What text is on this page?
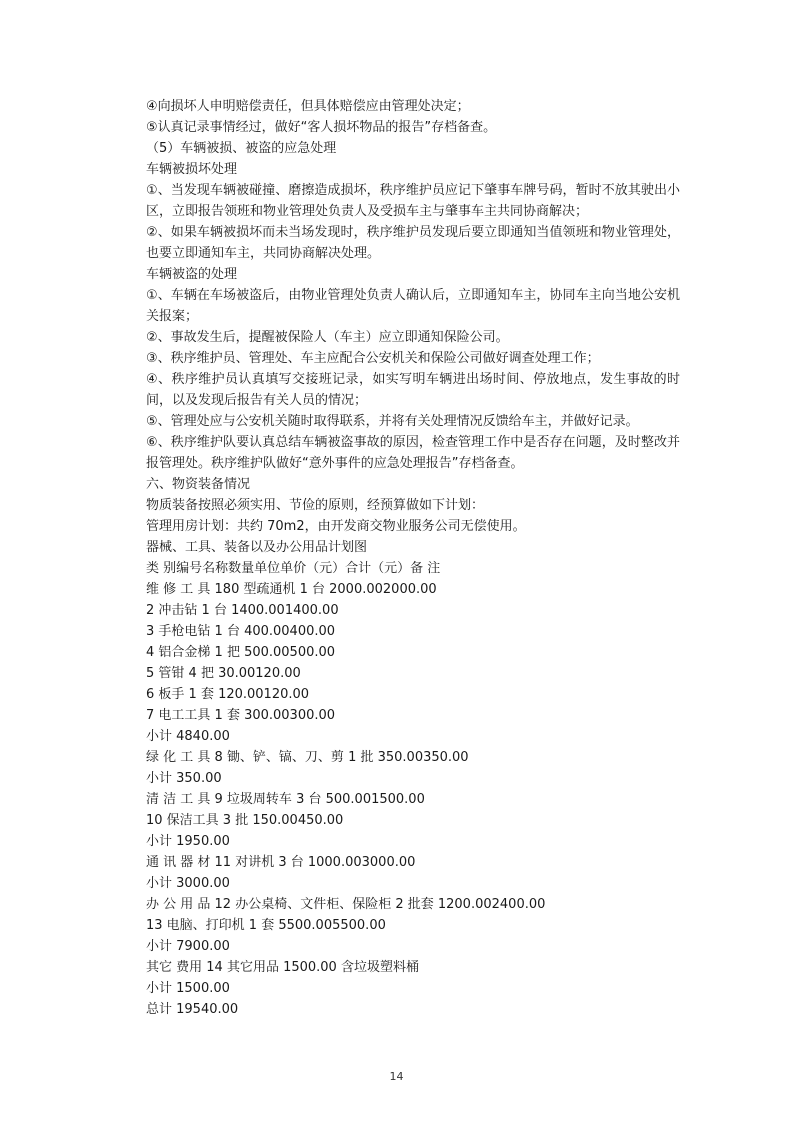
④向损坏人申明赔偿责任，但具体赔偿应由管理处决定；
⑤认真记录事情经过，做好“客人损坏物品的报告”存档备查。
（5）车辆被损、被盗的应急处理
车辆被损坏处理
①、当发现车辆被碰撞、磨擦造成损坏，秩序维护员应记下肇事车牌号码，暂时不放其驶出小区，立即报告领班和物业管理处负责人及受损车主与肇事车主共同协商解决；
②、如果车辆被损坏而未当场发现时，秩序维护员发现后要立即通知当值领班和物业管理处，也要立即通知车主，共同协商解决处理。
车辆被盗的处理
①、车辆在车场被盗后，由物业管理处负责人确认后，立即通知车主，协同车主向当地公安机关报案；
②、事故发生后，提醒被保险人（车主）应立即通知保险公司。
③、秩序维护员、管理处、车主应配合公安机关和保险公司做好调查处理工作；
④、秩序维护员认真填写交接班记录，如实写明车辆进出场时间、停放地点，发生事故的时间，以及发现后报告有关人员的情况；
⑤、管理处应与公安机关随时取得联系，并将有关处理情况反馈给车主，并做好记录。
⑥、秩序维护队要认真总结车辆被盗事故的原因，检查管理工作中是否存在问题，及时整改并报管理处。秩序维护队做好“意外事件的应急处理报告”存档备查。
六、物资装备情况
物质装备按照必须实用、节俭的原则，经预算做如下计划：
管理用房计划：共约 70m2，由开发商交物业服务公司无偿使用。
器械、工具、装备以及办公用品计划图
类 别编号名称数量单位单价（元）合计（元）备 注
维 修 工 具 180 型疏通机 1 台 2000.002000.00
2 冲击钻 1 台 1400.001400.00
3 手枪电钻 1 台 400.00400.00
4 铝合金梯 1 把 500.00500.00
5 管钳 4 把 30.00120.00
6 板手 1 套 120.00120.00
7 电工工具 1 套 300.00300.00
小计 4840.00
绿 化 工 具 8 锄、铲、镐、刀、剪 1 批 350.00350.00
小计 350.00
清 洁 工 具 9 垃圾周转车 3 台 500.001500.00
10 保洁工具 3 批 150.00450.00
小计 1950.00
通 讯 器 材 11 对讲机 3 台 1000.003000.00
小计 3000.00
办 公 用 品 12 办公桌椅、文件柜、保险柜 2 批套 1200.002400.00
13 电脑、打印机 1 套 5500.005500.00
小计 7900.00
其它 费用 14 其它用品 1500.00 含垃圾塑料桶
小计 1500.00
总计 19540.00
14
